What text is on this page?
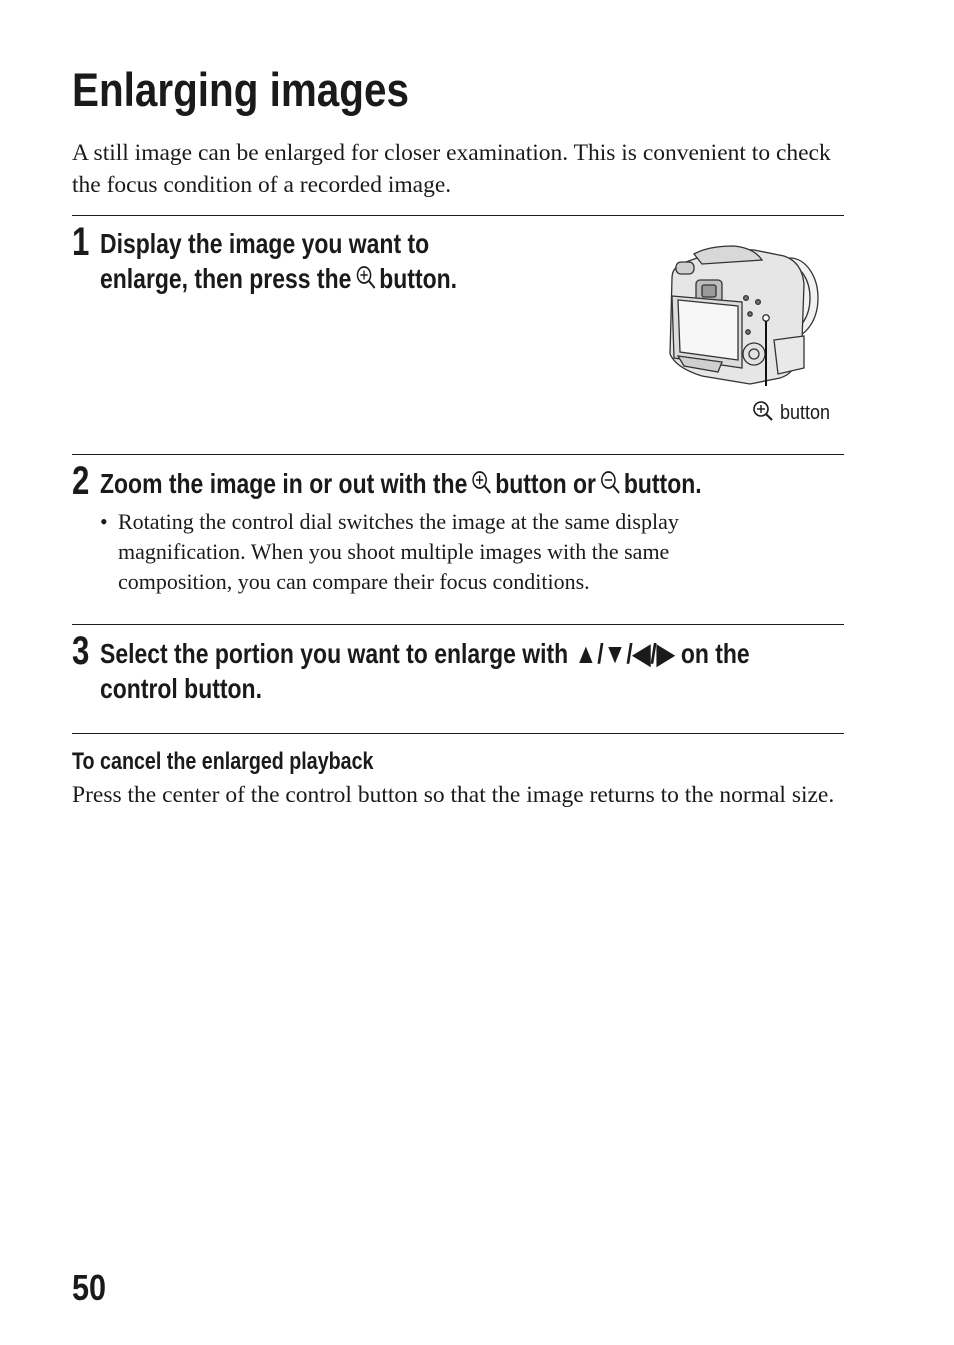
Enlarging images
A still image can be enlarged for closer examination. This is convenient to check the focus condition of a recorded image.
1 Display the image you want to
enlarge, then press the button.
button
2 Zoom the image in or out with the button or button.
• Rotating the control dial switches the image at the same display magnification. When you shoot multiple images with the same composition, you can compare their focus conditions.
3 Select the portion you want to enlarge with ▲/▼/◀/▶ on the
control button.
To cancel the enlarged playback
Press the center of the control button so that the image returns to the normal size.
50
